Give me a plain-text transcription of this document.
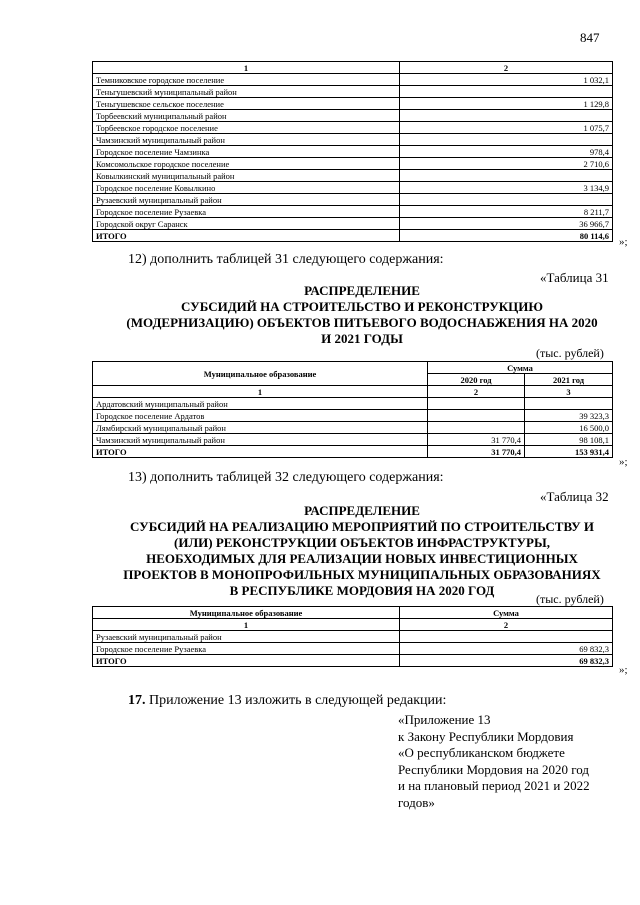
847
1	2
Темниковское городское поселение	1 032,1
Теньгушевский муниципальный район	
Теньгушевское сельское поселение	1 129,8
Торбеевский муниципальный район	
Торбеевское городское поселение	1 075,7
Чамзинский муниципальный район	
Городское поселение Чамзинка	978,4
Комсомольское городское поселение	2 710,6
Ковылкинский муниципальный район	
Городское поселение Ковылкино	3 134,9
Рузаевский муниципальный район	
Городское поселение Рузаевка	8 211,7
Городской округ Саранск	36 966,7
ИТОГО	80 114,6
»;
12) дополнить таблицей 31 следующего содержания:
«Таблица 31
РАСПРЕДЕЛЕНИЕ
СУБСИДИЙ НА СТРОИТЕЛЬСТВО И РЕКОНСТРУКЦИЮ
(МОДЕРНИЗАЦИЮ) ОБЪЕКТОВ ПИТЬЕВОГО ВОДОСНАБЖЕНИЯ НА 2020
И 2021 ГОДЫ
(тыс. рублей)
Муниципальное образование	Сумма	
	2020 год	2021 год
1	2	3
Ардатовский муниципальный район		
Городское поселение Ардатов		39 323,3
Лямбирский муниципальный район		16 500,0
Чамзинский муниципальный район	31 770,4	98 108,1
ИТОГО	31 770,4	153 931,4
»;
13) дополнить таблицей 32 следующего содержания:
«Таблица 32
РАСПРЕДЕЛЕНИЕ
СУБСИДИЙ НА РЕАЛИЗАЦИЮ МЕРОПРИЯТИЙ ПО СТРОИТЕЛЬСТВУ И
(ИЛИ) РЕКОНСТРУКЦИИ ОБЪЕКТОВ ИНФРАСТРУКТУРЫ,
НЕОБХОДИМЫХ ДЛЯ РЕАЛИЗАЦИИ НОВЫХ ИНВЕСТИЦИОННЫХ
ПРОЕКТОВ В МОНОПРОФИЛЬНЫХ МУНИЦИПАЛЬНЫХ ОБРАЗОВАНИЯХ
В РЕСПУБЛИКЕ МОРДОВИЯ НА 2020 ГОД
(тыс. рублей)
Муниципальное образование	Сумма
1	2
Рузаевский муниципальный район	
Городское поселение Рузаевка	69 832,3
ИТОГО	69 832,3
»;
17. Приложение 13 изложить в следующей редакции:
«Приложение 13
к Закону Республики Мордовия
«О республиканском бюджете
Республики Мордовия на 2020 год
и на плановый период 2021 и 2022
годов»
